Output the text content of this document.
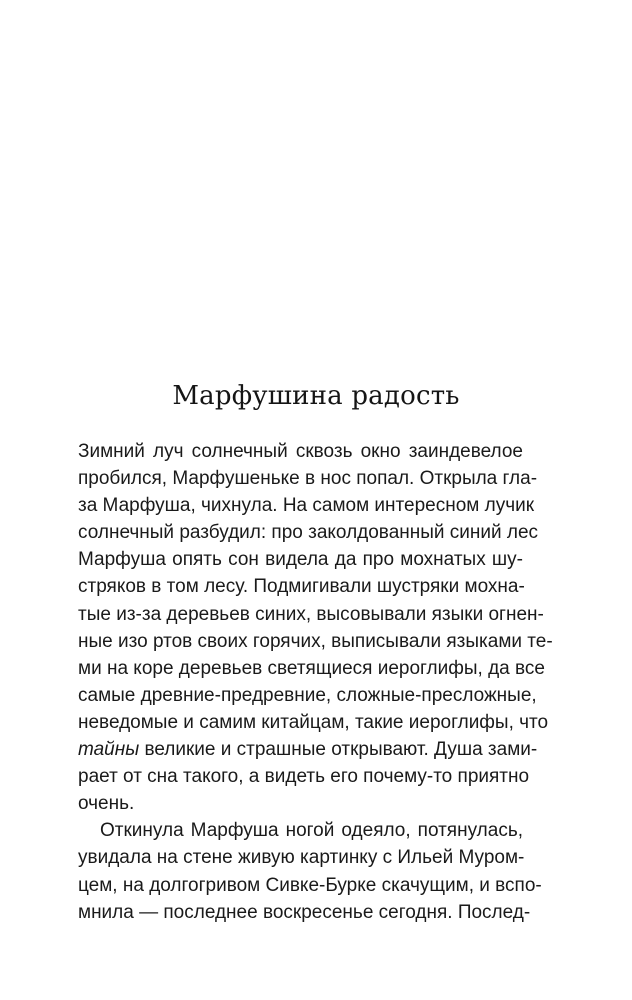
Марфушина радость
Зимний луч солнечный сквозь окно заиндевелое
пробился, Марфушеньке в нос попал. Открыла гла-
за Марфуша, чихнула. На самом интересном лучик
солнечный разбудил: про заколдованный синий лес
Марфуша опять сон видела да про мохнатых шу-
стряков в том лесу. Подмигивали шустряки мохна-
тые из-за деревьев синих, высовывали языки огнен-
ные изо ртов своих горячих, выписывали языками те-
ми на коре деревьев светящиеся иероглифы, да все
самые древние-предревние, сложные-пресложные,
неведомые и самим китайцам, такие иероглифы, что
тайны великие и страшные открывают. Душа зами-
рает от сна такого, а видеть его почему-то приятно
очень.
Откинула Марфуша ногой одеяло, потянулась,
увидала на стене живую картинку с Ильей Муром-
цем, на долгогривом Сивке-Бурке скачущим, и вспо-
мнила — последнее воскресенье сегодня. Послед-
